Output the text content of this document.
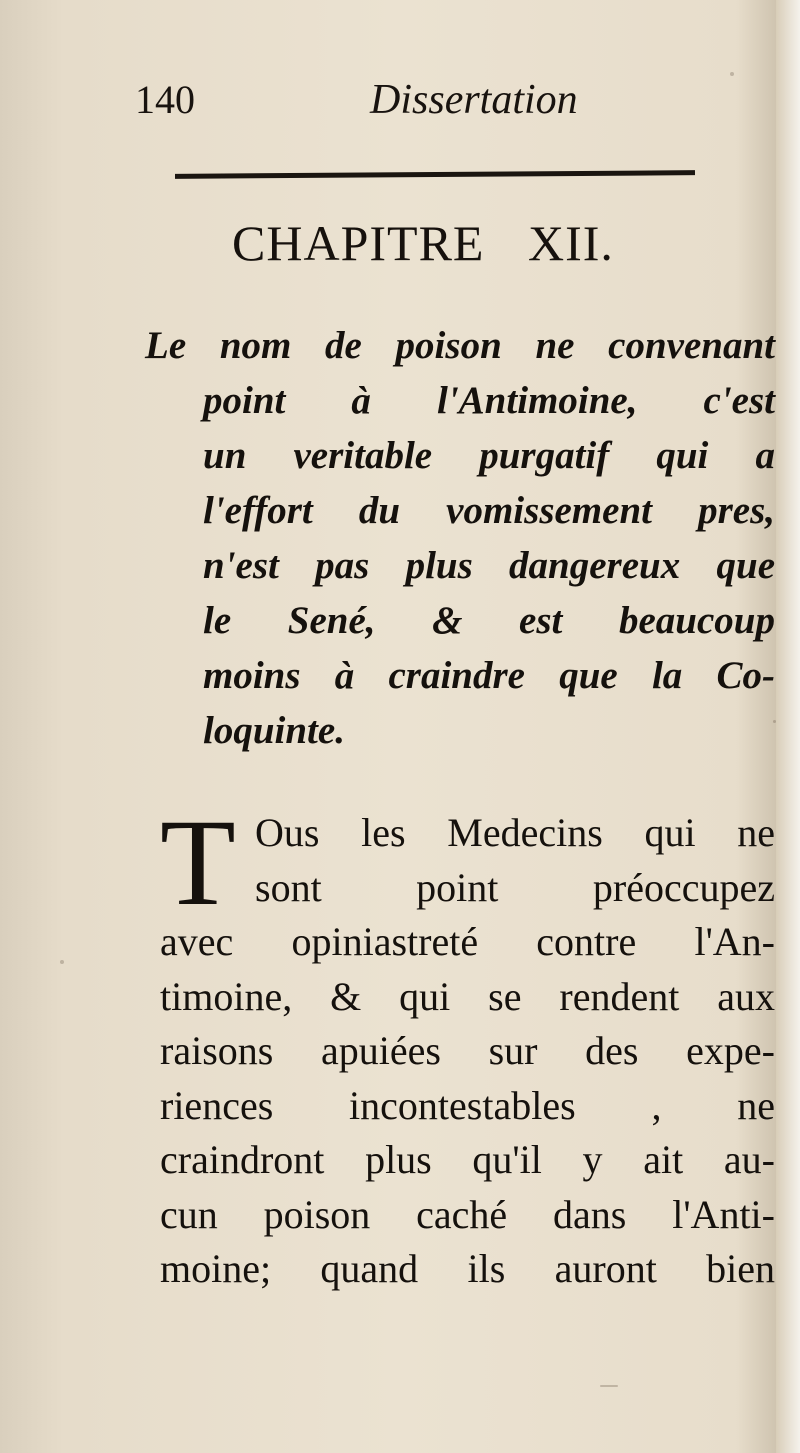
140	Dissertation
CHAPITRE XII.
Le nom de poison ne convenant
point à l'Antimoine, c'est
un veritable purgatif qui a
l'effort du vomissement pres,
n'est pas plus dangereux que
le Sené, & est beaucoup
moins à craindre que la Co-
loquinte.
T Ous les Medecins qui ne
sont point préoccupez
avec opiniastreté contre l'An-
timoine, & qui se rendent aux
raisons apuiées sur des expe-
riences incontestables , ne
craindront plus qu'il y ait au-
cun poison caché dans l'Anti-
moine; quand ils auront bien
